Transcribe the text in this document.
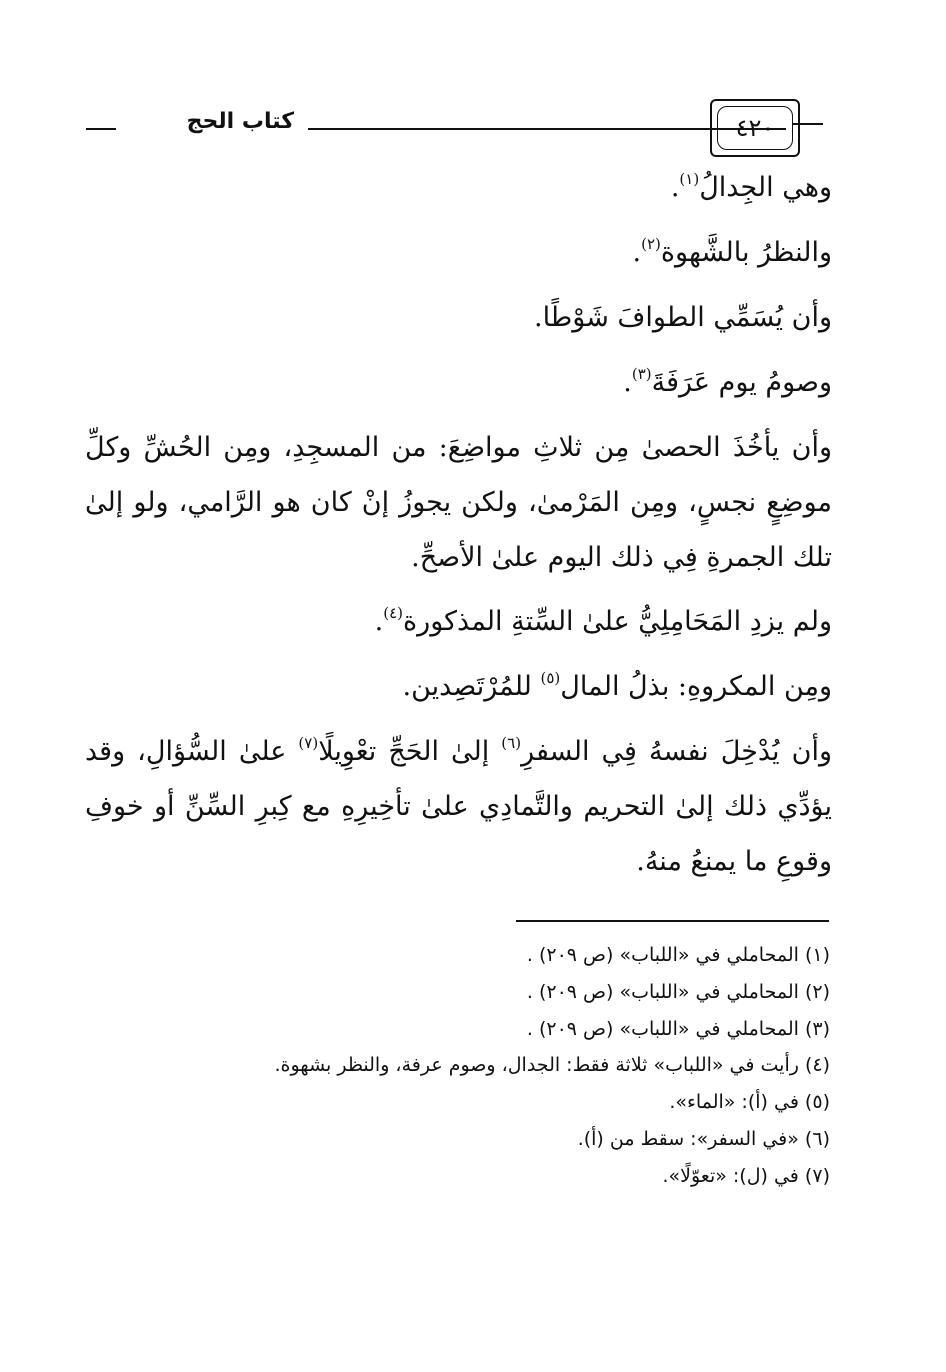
كتاب الحج	٤٢٠

وهي الجِدالُ$^{(١)}$.

والنظرُ بالشَّهوة$^{(٢)}$.

وأن يُسَمِّي الطوافَ شَوْطًا.

وصومُ يوم عَرَفَةَ$^{(٣)}$.

وأن يأخُذَ الحصىٰ مِن ثلاثِ مواضِعَ: من المسجِدِ، ومِن الحُشِّ وكلِّ موضِعٍ نجسٍ، ومِن المَرْمىٰ، ولكن يجوزُ إنْ كان هو الرَّامي، ولو إلىٰ تلك الجمرةِ فِي ذلك اليوم علىٰ الأصحِّ.

ولم يزدِ المَحَامِلِيُّ علىٰ السِّتةِ المذكورة$^{(٤)}$.

ومِن المكروهِ: بذلُ المال$^{(٥)}$ للمُرْتَصِدين.

وأن يُدْخِلَ نفسهُ فِي السفرِ$^{(٦)}$ إلىٰ الحَجِّ تعْوِيلًا$^{(٧)}$ علىٰ السُّؤالِ، وقد يؤدِّي ذلك إلىٰ التحريم والتَّمادِي علىٰ تأخِيرِهِ مع كِبرِ السِّنِّ أو خوفِ وقوعِ ما يمنعُ منهُ.

(١) المحاملي في «اللباب» (ص ٢٠٩) .

(٢) المحاملي في «اللباب» (ص ٢٠٩) .

(٣) المحاملي في «اللباب» (ص ٢٠٩) .

(٤) رأيت في «اللباب» ثلاثة فقط: الجدال، وصوم عرفة، والنظر بشهوة.

(٥) في (أ): «الماء».

(٦) «في السفر»: سقط من (أ).

(٧) في (ل): «تعوّلًا».
